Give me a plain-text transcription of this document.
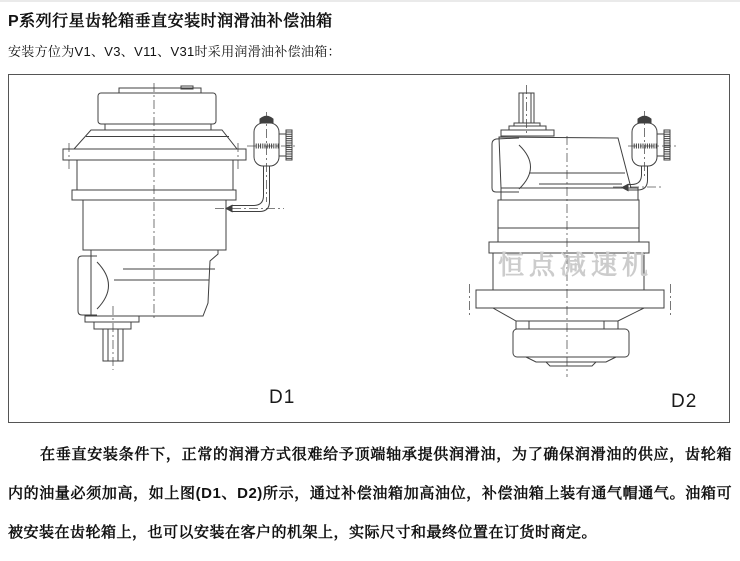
P系列行星齿轮箱垂直安装时润滑油补偿油箱

安装方位为V1、V3、V11、V31时采用润滑油补偿油箱：

恒点减速机
D1	D2

在垂直安装条件下，正常的润滑方式很难给予顶端轴承提供润滑油，为了确保润滑油的供应，齿轮箱内的油量必须加高，如上图(D1、D2)所示，通过补偿油箱加高油位，补偿油箱上装有通气帽通气。油箱可被安装在齿轮箱上，也可以安装在客户的机架上，实际尺寸和最终位置在订货时商定。
